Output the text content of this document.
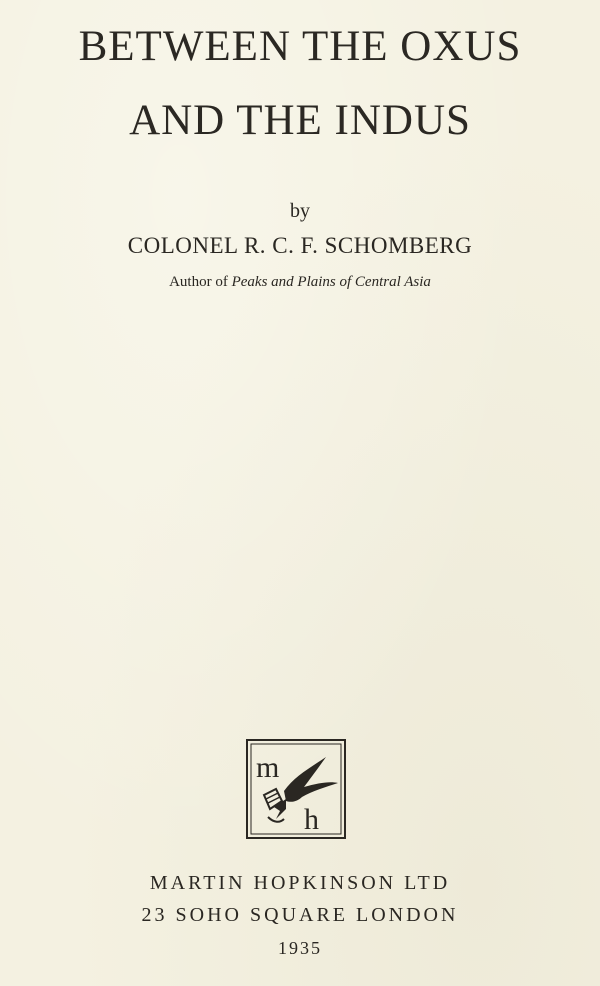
BETWEEN THE OXUS
AND THE INDUS
by
COLONEL R. C. F. SCHOMBERG
Author of Peaks and Plains of Central Asia
m
h
MARTIN HOPKINSON LTD
23 SOHO SQUARE LONDON
1935
